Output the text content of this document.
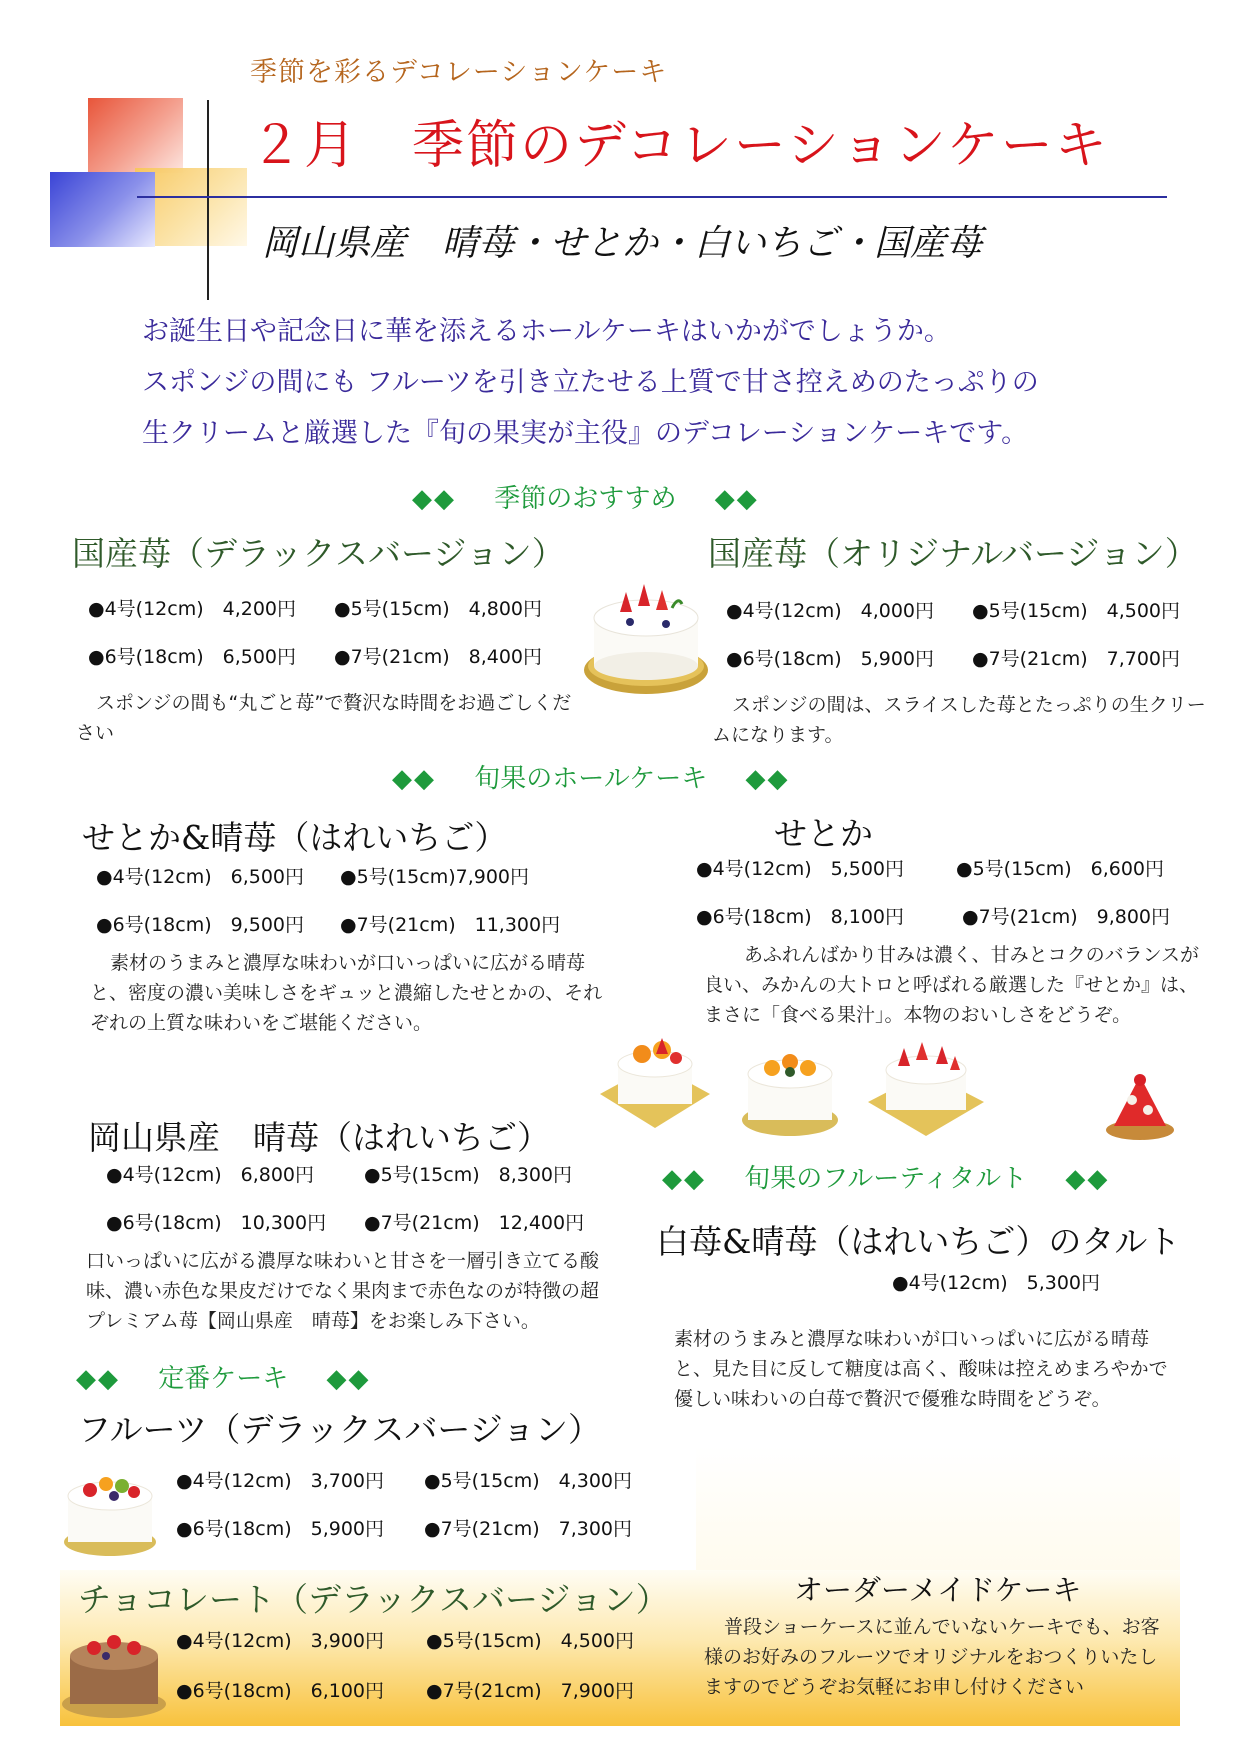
季節を彩るデコレーションケーキ
２月　季節のデコレーションケーキ
岡山県産　晴苺・せとか・白いちご・国産苺
お誕生日や記念日に華を添えるホールケーキはいかがでしょうか。
スポンジの間にも フルーツを引き立たせる上質で甘さ控えめのたっぷりの
生クリームと厳選した『旬の果実が主役』のデコレーションケーキです。
◆◆ 季節のおすすめ ◆◆
国産苺（デラックスバージョン）
●4号(12cm)　4,200円 ●5号(15cm)　4,800円
●6号(18cm)　6,500円 ●7号(21cm)　8,400円
スポンジの間も“丸ごと苺”で贅沢な時間をお過ごしください
国産苺（オリジナルバージョン）
●4号(12cm)　4,000円 ●5号(15cm)　4,500円
●6号(18cm)　5,900円 ●7号(21cm)　7,700円
スポンジの間は、スライスした苺とたっぷりの生クリームになります。
◆◆ 旬果のホールケーキ ◆◆
せとか&晴苺（はれいちご）
●4号(12cm)　6,500円 ●5号(15cm)7,900円
●6号(18cm)　9,500円 ●7号(21cm)　11,300円
素材のうまみと濃厚な味わいが口いっぱいに広がる晴苺と、密度の濃い美味しさをギュッと濃縮したせとかの、それぞれの上質な味わいをご堪能ください。
せとか
●4号(12cm)　5,500円	●5号(15cm)　6,600円
●6号(18cm)　8,100円	●7号(21cm)　9,800円
あふれんばかり甘みは濃く、甘みとコクのバランスが良い、みかんの大トロと呼ばれる厳選した『せとか』は、まさに「食べる果汁」。本物のおいしさをどうぞ。
岡山県産　晴苺（はれいちご）
●4号(12cm)　6,800円	●5号(15cm)　8,300円
●6号(18cm)　10,300円 ●7号(21cm)　12,400円
口いっぱいに広がる濃厚な味わいと甘さを一層引き立てる酸味、濃い赤色な果皮だけでなく果肉まで赤色なのが特徴の超プレミアム苺【岡山県産　晴苺】をお楽しみ下さい。
◆◆ 旬果のフルーティタルト ◆◆
白苺&晴苺（はれいちご）のタルト
●4号(12cm)　5,300円
素材のうまみと濃厚な味わいが口いっぱいに広がる晴苺と、見た目に反して糖度は高く、酸味は控えめまろやかで優しい味わいの白苺で贅沢で優雅な時間をどうぞ。
◆◆ 定番ケーキ ◆◆
フルーツ（デラックスバージョン）
●4号(12cm)　3,700円 ●5号(15cm)　4,300円
●6号(18cm)　5,900円 ●7号(21cm)　7,300円
チョコレート（デラックスバージョン）
●4号(12cm)　3,900円 ●5号(15cm)　4,500円
●6号(18cm)　6,100円 ●7号(21cm)　7,900円
オーダーメイドケーキ
普段ショーケースに並んでいないケーキでも、お客様のお好みのフルーツでオリジナルをおつくりいたしますのでどうぞお気軽にお申し付けください
